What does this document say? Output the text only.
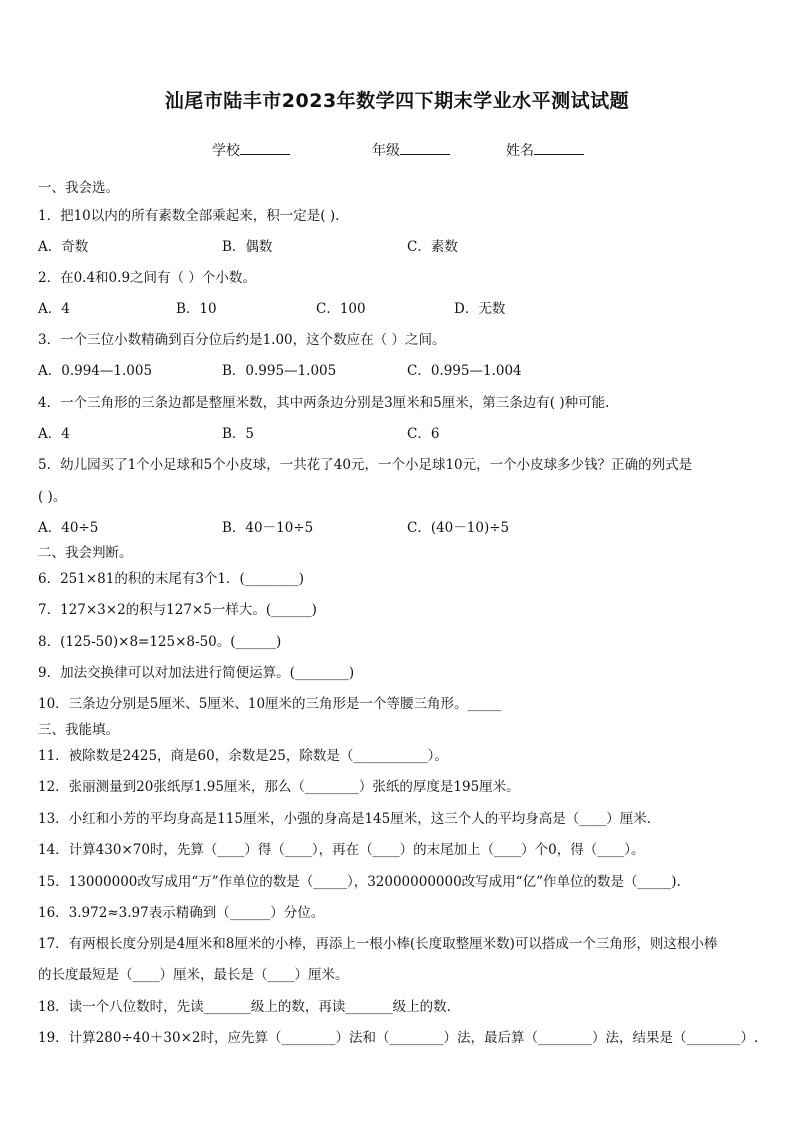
汕尾市陆丰市2023年数学四下期末学业水平测试试题
学校	年级	姓名
一、我会选。
1．把10以内的所有素数全部乘起来，积一定是( ).
A．奇数	B．偶数	C．素数
2．在0.4和0.9之间有（ ）个小数。
A．4	B．10	C．100	D．无数
3．一个三位小数精确到百分位后约是1.00，这个数应在（ ）之间。
A．0.994—1.005	B．0.995—1.005	C．0.995—1.004
4．一个三角形的三条边都是整厘米数，其中两条边分别是3厘米和5厘米，第三条边有( )种可能.
A．4	B．5	C．6
5．幼儿园买了1个小足球和5个小皮球，一共花了40元，一个小足球10元，一个小皮球多少钱？正确的列式是
( )。
A．40÷5	B．40－10÷5	C．(40－10)÷5
二、我会判断。
6．251×81的积的末尾有3个1．(________)
7．127×3×2的积与127×5一样大。(______)
8．(125-50)×8=125×8-50。(______)
9．加法交换律可以对加法进行简便运算。(________)
10．三条边分别是5厘米、5厘米、10厘米的三角形是一个等腰三角形。_____
三、我能填。
11．被除数是2425，商是60，余数是25，除数是（___________）。
12．张丽测量到20张纸厚1.95厘米，那么（________）张纸的厚度是195厘米。
13．小红和小芳的平均身高是115厘米，小强的身高是145厘米，这三个人的平均身高是（____）厘米.
14．计算430×70时，先算（____）得（____），再在（____）的末尾加上（____）个0，得（____）。
15．13000000改写成用“万”作单位的数是（_____），32000000000改写成用“亿”作单位的数是（_____).
16．3.972≈3.97表示精确到（______）分位。
17．有两根长度分别是4厘米和8厘米的小棒，再添上一根小棒(长度取整厘米数)可以搭成一个三角形，则这根小棒
的长度最短是（____）厘米，最长是（____）厘米。
18．读一个八位数时，先读_______级上的数，再读_______级上的数.
19．计算280÷40＋30×2时，应先算（________）法和（________）法，最后算（________）法，结果是（________）.
